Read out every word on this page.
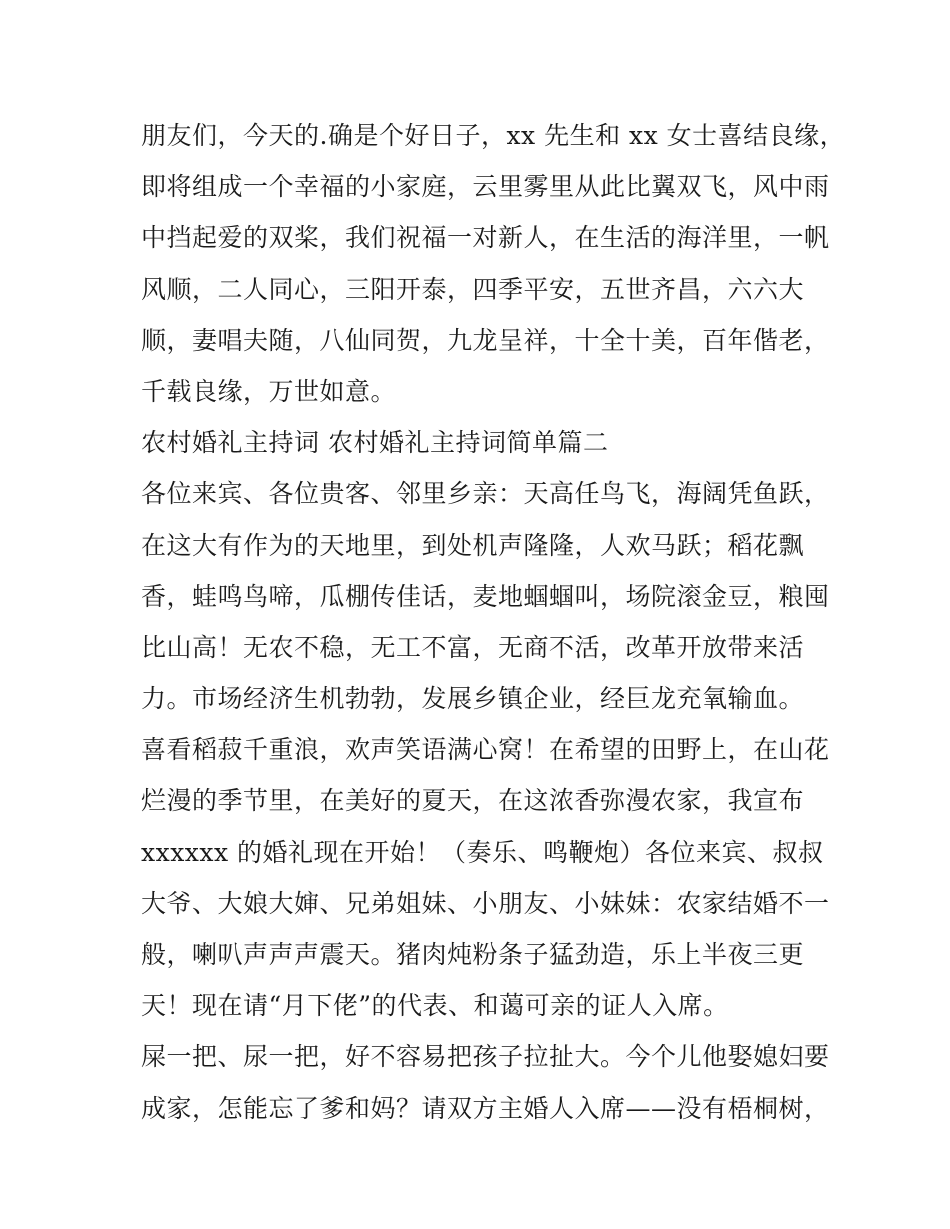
朋友们，今天的.确是个好日子，xx 先生和 xx 女士喜结良缘，
即将组成一个幸福的小家庭，云里雾里从此比翼双飞，风中雨
中挡起爱的双桨，我们祝福一对新人，在生活的海洋里，一帆
风顺，二人同心，三阳开泰，四季平安，五世齐昌，六六大
顺，妻唱夫随，八仙同贺，九龙呈祥，十全十美，百年偕老，
千载良缘，万世如意。
农村婚礼主持词 农村婚礼主持词简单篇二
各位来宾、各位贵客、邻里乡亲：天高任鸟飞，海阔凭鱼跃，
在这大有作为的天地里，到处机声隆隆，人欢马跃；稻花飘
香，蛙鸣鸟啼，瓜棚传佳话，麦地蝈蝈叫，场院滚金豆，粮囤
比山高！无农不稳，无工不富，无商不活，改革开放带来活
力。市场经济生机勃勃，发展乡镇企业，经巨龙充氧输血。
喜看稻菽千重浪，欢声笑语满心窝！在希望的田野上，在山花
烂漫的季节里，在美好的夏天，在这浓香弥漫农家，我宣布
xxxxxx 的婚礼现在开始！（奏乐、鸣鞭炮）各位来宾、叔叔
大爷、大娘大婶、兄弟姐妹、小朋友、小妹妹：农家结婚不一
般，喇叭声声声震天。猪肉炖粉条子猛劲造，乐上半夜三更
天！现在请“月下佬”的代表、和蔼可亲的证人入席。
屎一把、尿一把，好不容易把孩子拉扯大。今个儿他娶媳妇要
成家，怎能忘了爹和妈？请双方主婚人入席——没有梧桐树，
